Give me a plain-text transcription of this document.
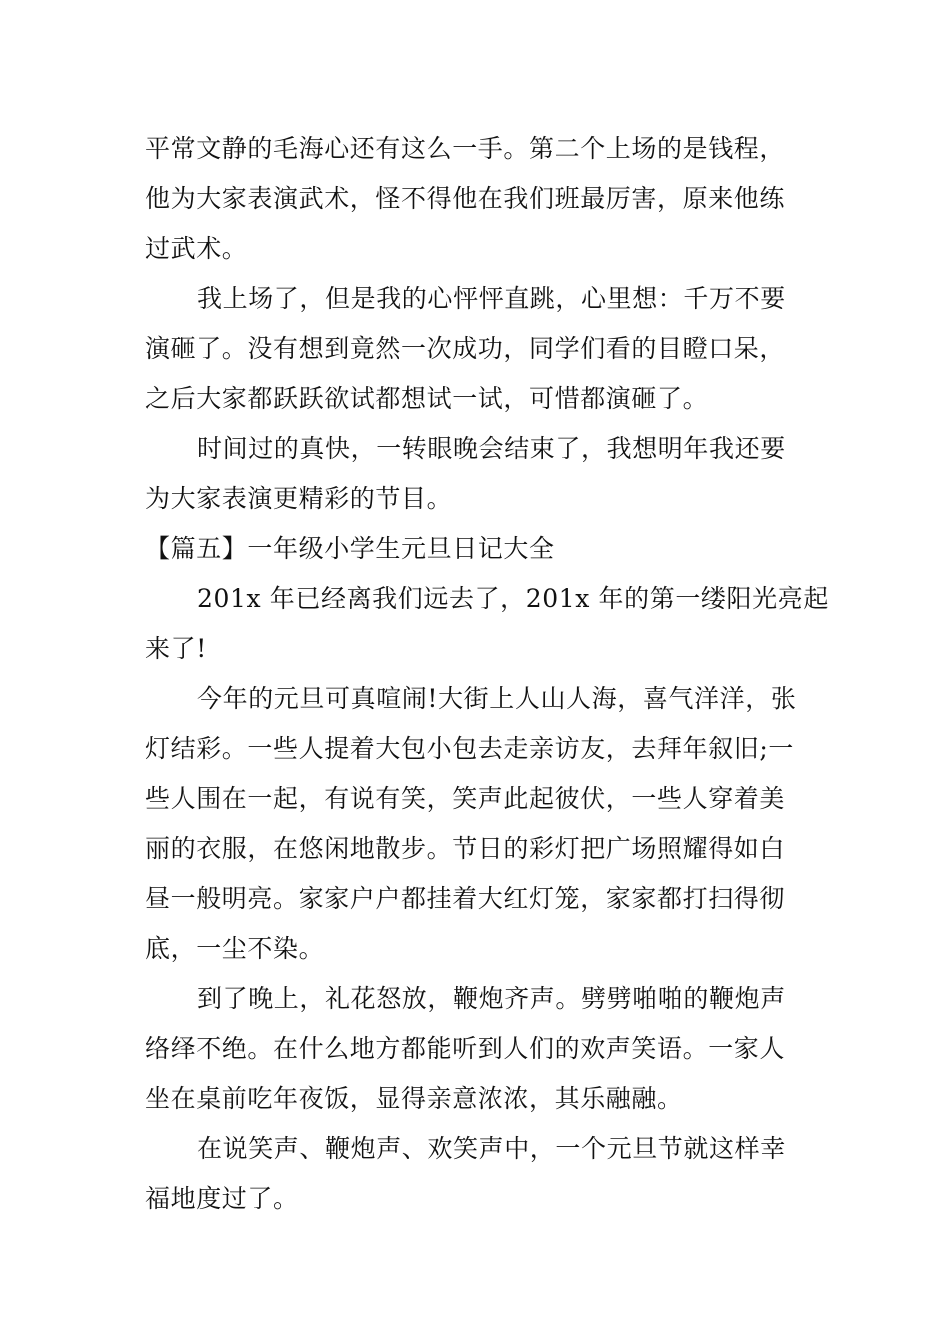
平常文静的毛海心还有这么一手。第二个上场的是钱程，
他为大家表演武术，怪不得他在我们班最厉害，原来他练
过武术。
我上场了，但是我的心怦怦直跳，心里想：千万不要
演砸了。没有想到竟然一次成功，同学们看的目瞪口呆，
之后大家都跃跃欲试都想试一试，可惜都演砸了。
时间过的真快，一转眼晚会结束了，我想明年我还要
为大家表演更精彩的节目。
【篇五】一年级小学生元旦日记大全
201x 年已经离我们远去了，201x 年的第一缕阳光亮起
来了!
今年的元旦可真喧闹!大街上人山人海，喜气洋洋，张
灯结彩。一些人提着大包小包去走亲访友，去拜年叙旧;一
些人围在一起，有说有笑，笑声此起彼伏，一些人穿着美
丽的衣服，在悠闲地散步。节日的彩灯把广场照耀得如白
昼一般明亮。家家户户都挂着大红灯笼，家家都打扫得彻
底，一尘不染。
到了晚上，礼花怒放，鞭炮齐声。劈劈啪啪的鞭炮声
络绎不绝。在什么地方都能听到人们的欢声笑语。一家人
坐在桌前吃年夜饭，显得亲意浓浓，其乐融融。
在说笑声、鞭炮声、欢笑声中，一个元旦节就这样幸
福地度过了。
